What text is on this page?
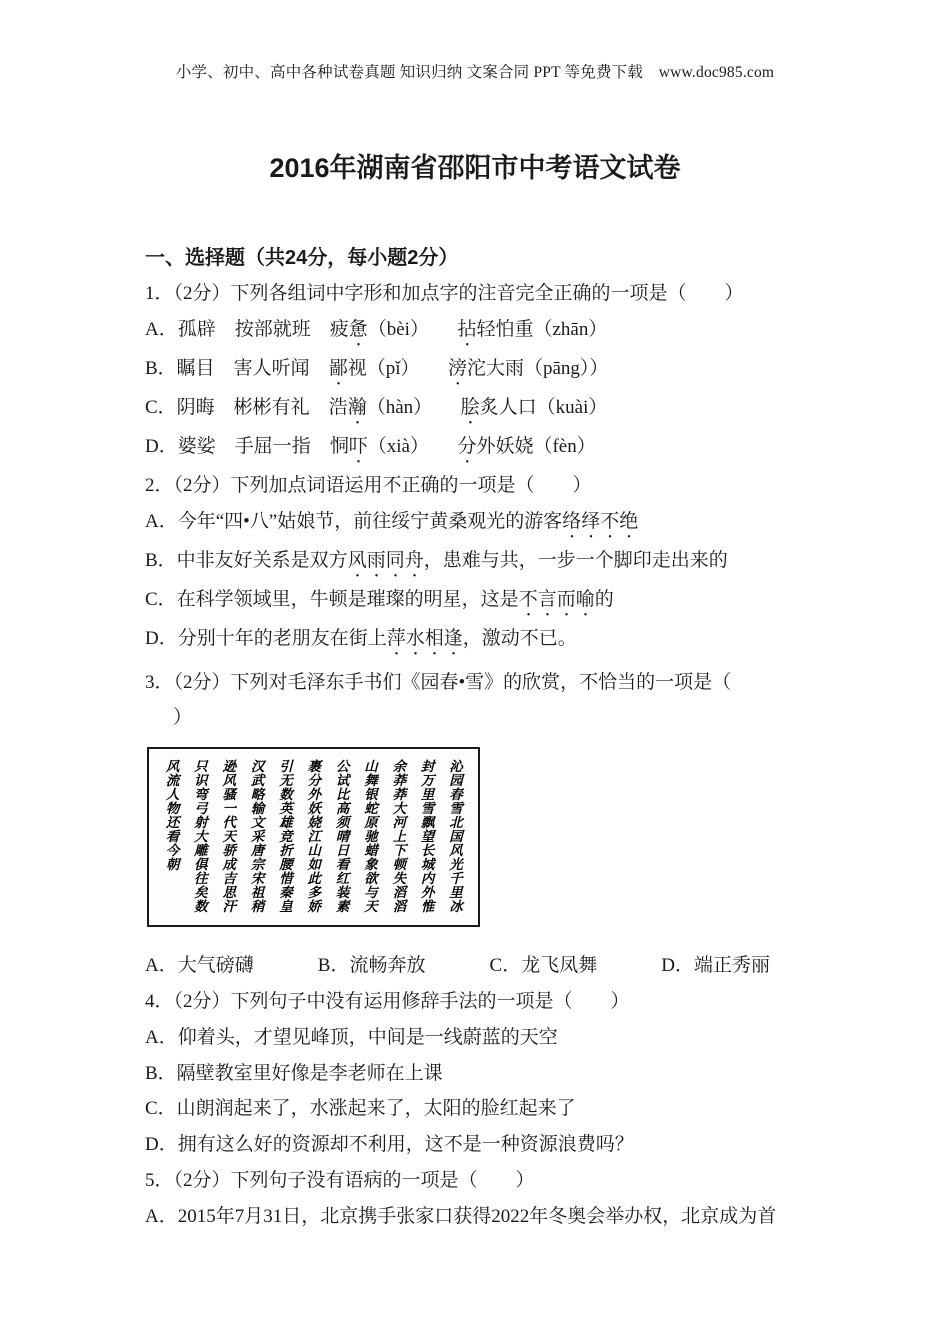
小学、初中、高中各种试卷真题 知识归纳 文案合同 PPT 等免费下载　www.doc985.com
2016年湖南省邵阳市中考语文试卷
一、选择题（共24分，每小题2分）
1．（2分）下列各组词中字形和加点字的注音完全正确的一项是（　　）
A．孤辟　按部就班　疲惫（bèi）　　拈轻怕重（zhān）
B．瞩目　害人听闻　鄙视（pǐ）　　滂沱大雨（pāng））
C．阴晦　彬彬有礼　浩瀚（hàn）　　脍炙人口（kuài）
D．婆娑　手屈一指　恫吓（xià）　　分外妖娆（fèn）
2．（2分）下列加点词语运用不正确的一项是（　　）
A．今年“四•八”姑娘节，前往绥宁黄桑观光的游客络绎不绝
B．中非友好关系是双方风雨同舟，患难与共，一步一个脚印走出来的
C．在科学领域里，牛顿是璀璨的明星，这是不言而喻的
D．分别十年的老朋友在街上萍水相逢，激动不已。
3．（2分）下列对毛泽东手书们《园春•雪》的欣赏，不恰当的一项是（
）
沁园春雪北国风光千里冰封万里雪飘望长城内外惟余莽莽大河上下顿失滔滔山舞银蛇原驰蜡象欲与天公试比高须晴日看红装素裹分外妖娆江山如此多娇引无数英雄竞折腰惜秦皇汉武略输文采唐宗宋祖稍逊风骚一代天骄成吉思汗只识弯弓射大雕俱往矣数风流人物还看今朝
A．大气磅礴	B．流畅奔放	C．龙飞凤舞	D．端正秀丽
4．（2分）下列句子中没有运用修辞手法的一项是（　　）
A．仰着头，才望见峰顶，中间是一线蔚蓝的天空
B．隔壁教室里好像是李老师在上课
C．山朗润起来了，水涨起来了，太阳的脸红起来了
D．拥有这么好的资源却不利用，这不是一种资源浪费吗？
5．（2分）下列句子没有语病的一项是（　　）
A．2015年7月31日，北京携手张家口获得2022年冬奥会举办权，北京成为首
